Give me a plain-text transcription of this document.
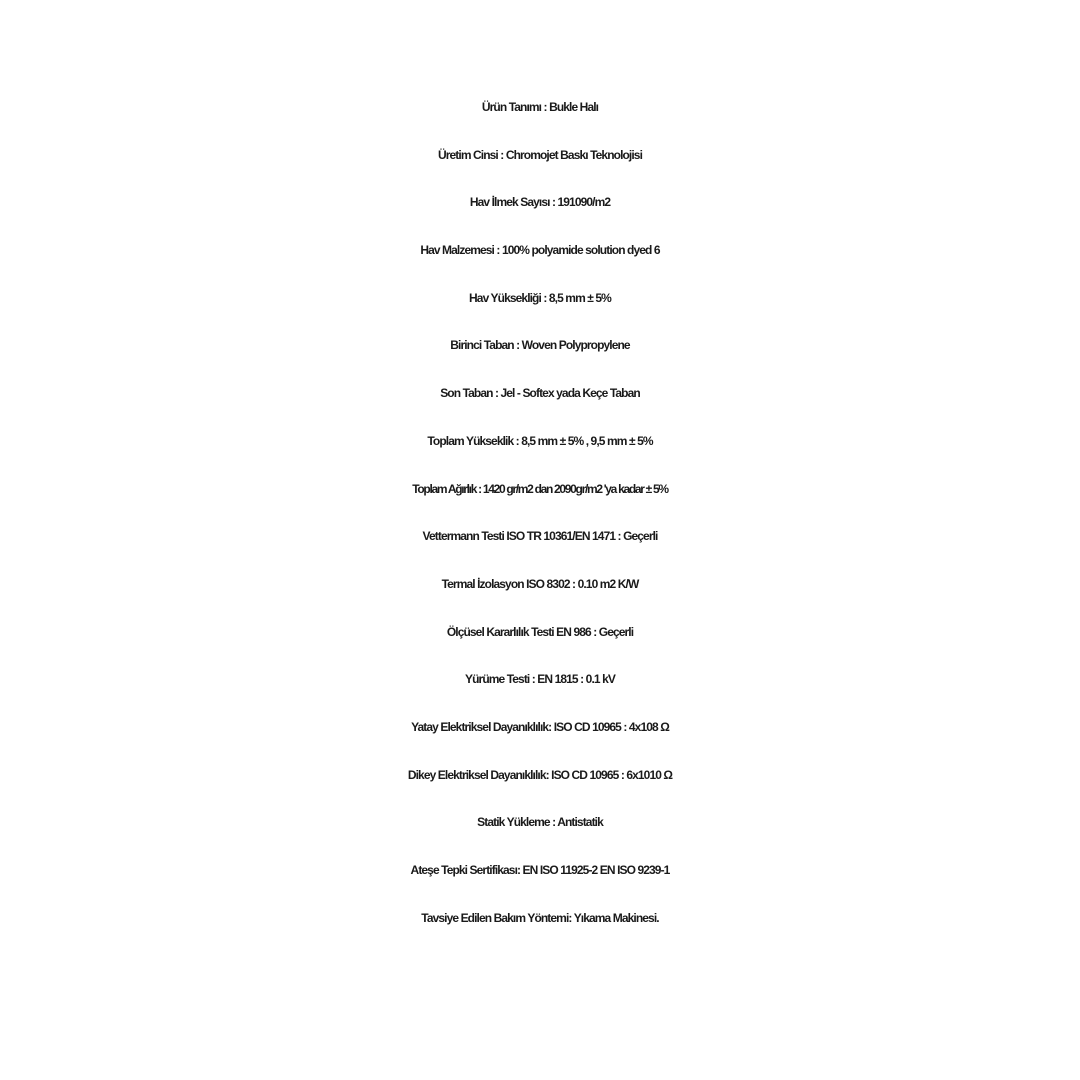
Ürün Tanımı : Bukle Halı
Üretim Cinsi : Chromojet Baskı Teknolojisi
Hav İlmek Sayısı : 191090/m2
Hav Malzemesi : 100% polyamide solution dyed 6
Hav Yüksekliği : 8,5 mm ± 5%
Birinci Taban : Woven Polypropylene
Son Taban : Jel - Softex yada Keçe Taban
Toplam Yükseklik : 8,5 mm ± 5% , 9,5 mm ± 5%
Toplam Ağırlık : 1420 gr/m2 dan 2090gr/m2 'ya kadar ± 5%
Vettermann Testi ISO TR 10361/EN 1471 : Geçerli
Termal İzolasyon ISO 8302 : 0.10 m2 K/W
Ölçüsel Kararlılık Testi EN 986 : Geçerli
Yürüme Testi : EN 1815 : 0.1 kV
Yatay Elektriksel Dayanıklılık: ISO CD 10965 : 4x108 Ω
Dikey Elektriksel Dayanıklılık: ISO CD 10965 : 6x1010 Ω
Statik Yükleme : Antistatik
Ateşe Tepki Sertifikası: EN ISO 11925-2 EN ISO 9239-1
Tavsiye Edilen Bakım Yöntemi: Yıkama Makinesi.
